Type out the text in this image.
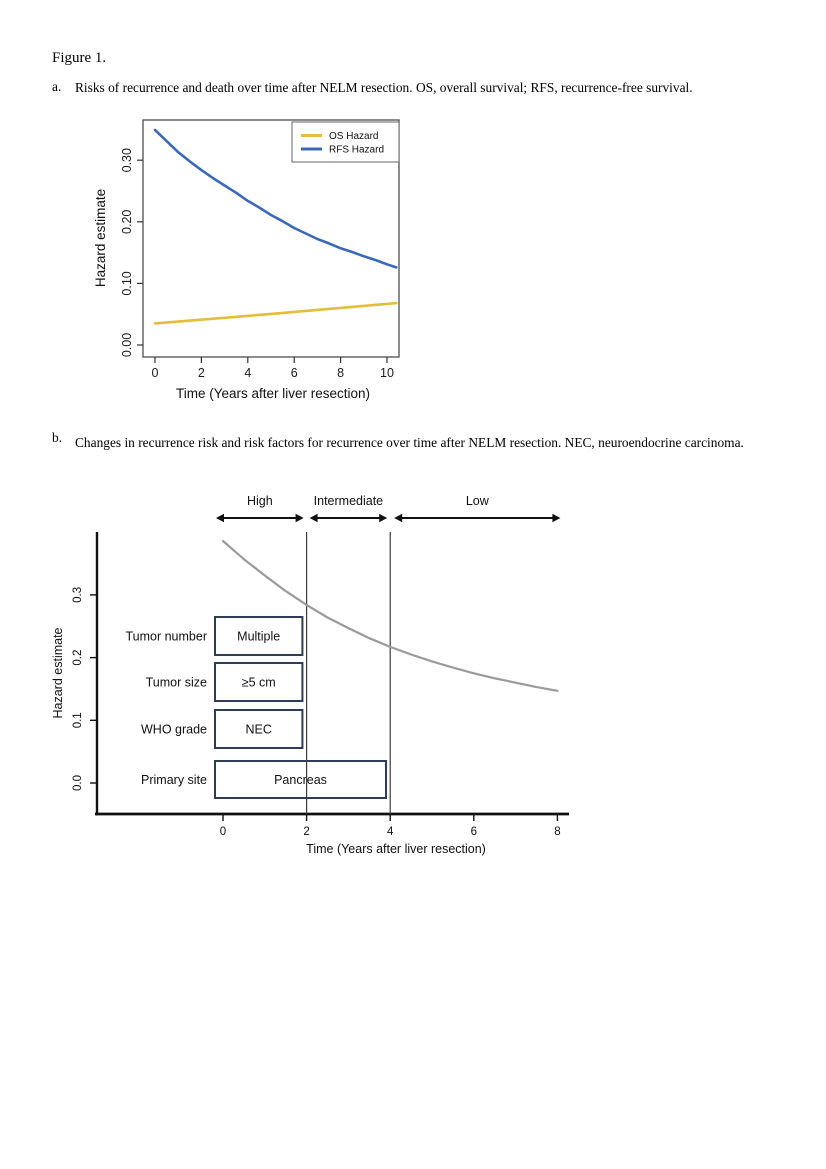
Figure 1.
a.	Risks of recurrence and death over time after NELM resection. OS, overall survival; RFS, recurrence-free survival.
0	2	4	6	8	10
0.00
0.10
0.20
0.30
Time (Years after liver resection)
Hazard estimate
OS Hazard
RFS Hazard
b. Changes in recurrence risk and risk factors for recurrence over time after NELM resection. NEC, neuroendocrine carcinoma.
0	2	4	6	8
0.0
0.1
0.2
0.3
Time (Years after liver resection)
Hazard estimate
High	Intermediate	Low
Tumor number Multiple
Tumor size	≥5 cm
WHO grade	NEC
Primary site	Pancreas
